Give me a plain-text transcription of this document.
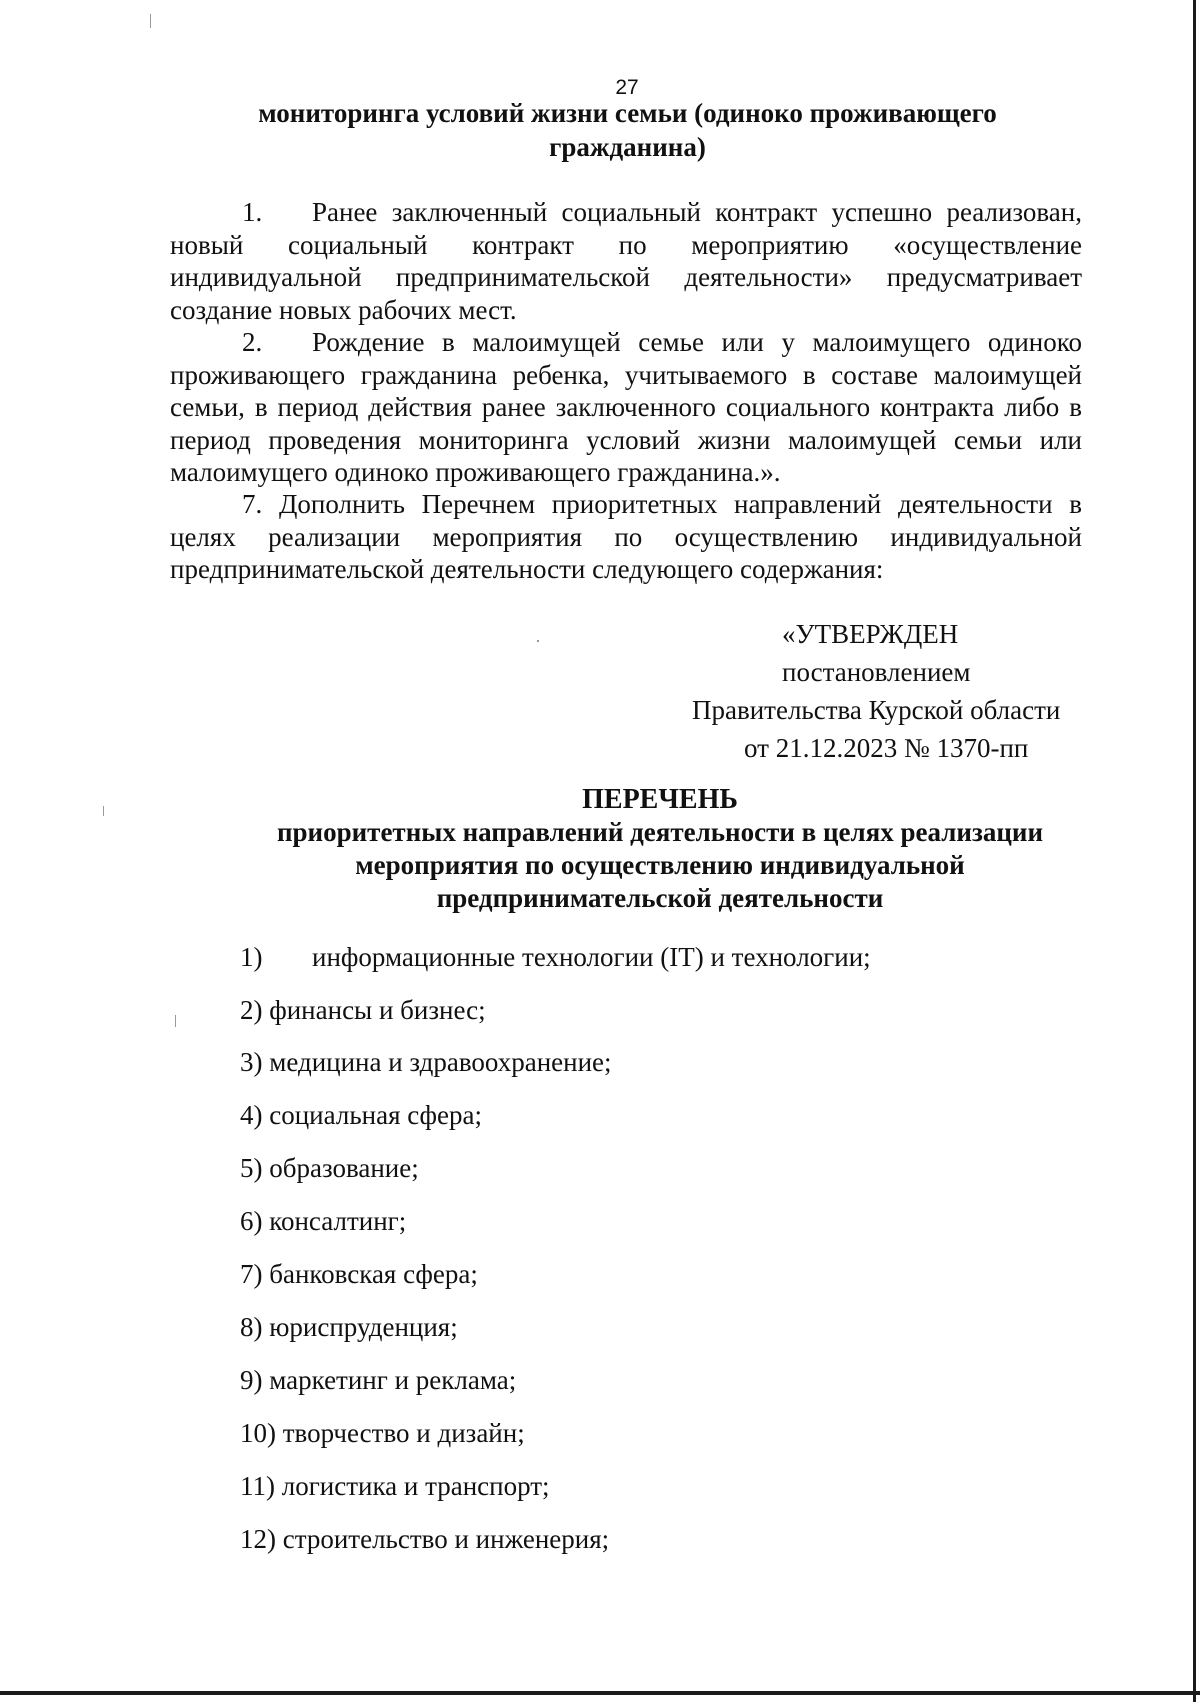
27
мониторинга условий жизни семьи (одиноко проживающего
гражданина)
1. Ранее заключенный социальный контракт успешно реализован, новый социальный контракт по мероприятию «осуществление индивидуальной предпринимательской деятельности» предусматривает создание новых рабочих мест.
2. Рождение в малоимущей семье или у малоимущего одиноко проживающего гражданина ребенка, учитываемого в составе малоимущей семьи, в период действия ранее заключенного социального контракта либо в период проведения мониторинга условий жизни малоимущей семьи или малоимущего одиноко проживающего гражданина.».
7. Дополнить Перечнем приоритетных направлений деятельности в целях реализации мероприятия по осуществлению индивидуальной предпринимательской деятельности следующего содержания:
«УТВЕРЖДЕН
постановлением
Правительства Курской области
от 21.12.2023 № 1370-пп
ПЕРЕЧЕНЬ
приоритетных направлений деятельности в целях реализации
мероприятия по осуществлению индивидуальной
предпринимательской деятельности
1) информационные технологии (IT) и технологии;
2) финансы и бизнес;
3) медицина и здравоохранение;
4) социальная сфера;
5) образование;
6) консалтинг;
7) банковская сфера;
8) юриспруденция;
9) маркетинг и реклама;
10) творчество и дизайн;
11) логистика и транспорт;
12) строительство и инженерия;
